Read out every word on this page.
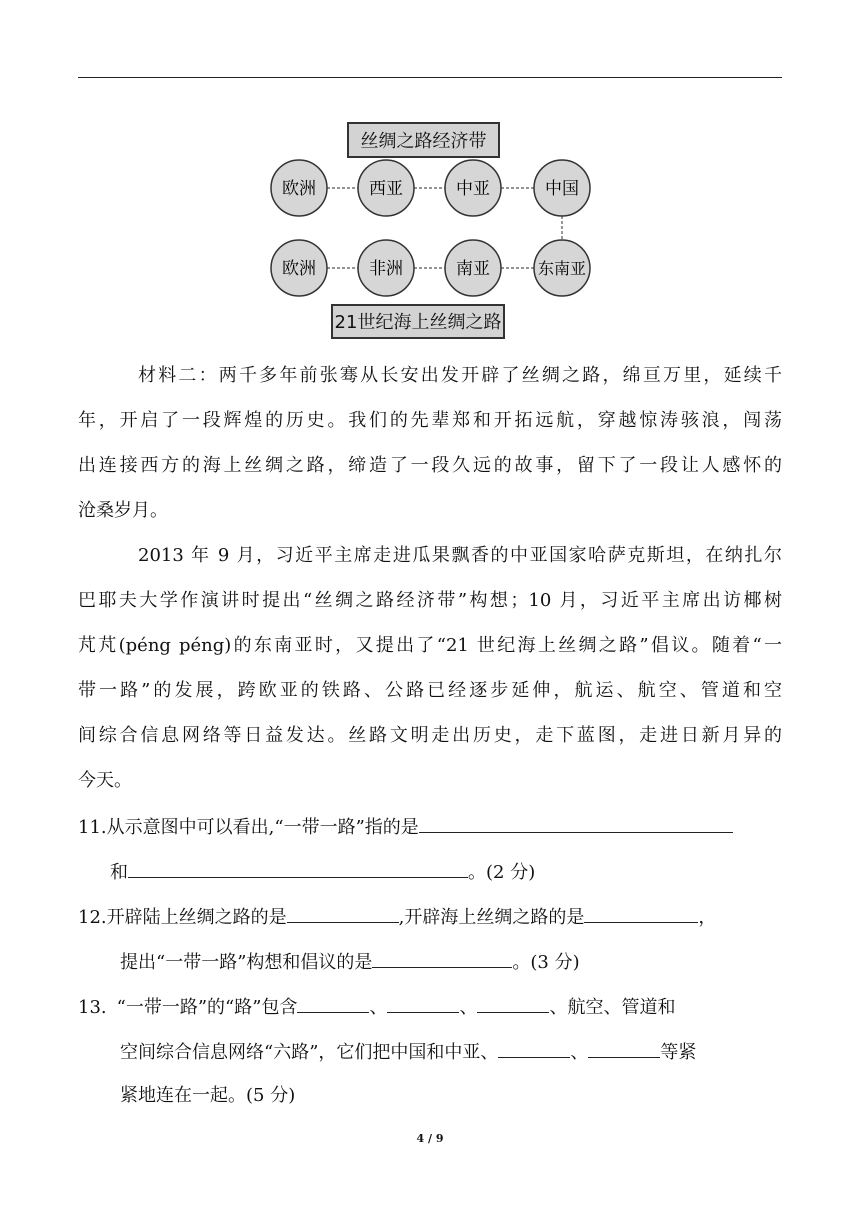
丝绸之路经济带
欧洲	西亚	中亚	中国
欧洲	非洲	南亚	东南亚
21世纪海上丝绸之路
材料二：两千多年前张骞从长安出发开辟了丝绸之路，绵亘万里，延续千
年，开启了一段辉煌的历史。我们的先辈郑和开拓远航，穿越惊涛骇浪，闯荡
出连接西方的海上丝绸之路，缔造了一段久远的故事，留下了一段让人感怀的
沧桑岁月。
2013 年 9 月，习近平主席走进瓜果飘香的中亚国家哈萨克斯坦，在纳扎尔
巴耶夫大学作演讲时提出“丝绸之路经济带”构想；10 月，习近平主席出访椰树
芃芃(péng péng)的东南亚时，又提出了“21 世纪海上丝绸之路”倡议。随着“一
带一路”的发展，跨欧亚的铁路、公路已经逐步延伸，航运、航空、管道和空
间综合信息网络等日益发达。丝路文明走出历史，走下蓝图，走进日新月异的
今天。
11.从示意图中可以看出,“一带一路”指的是
和	。(2 分)
12.开辟陆上丝绸之路的是	,开辟海上丝绸之路的是	，
提出“一带一路”构想和倡议的是	。(3 分)
13. “一带一路”的“路”包含	、	、	、航空、管道和
空间综合信息网络“六路”，它们把中国和中亚、	、	等紧
紧地连在一起。(5 分)
4 / 9
